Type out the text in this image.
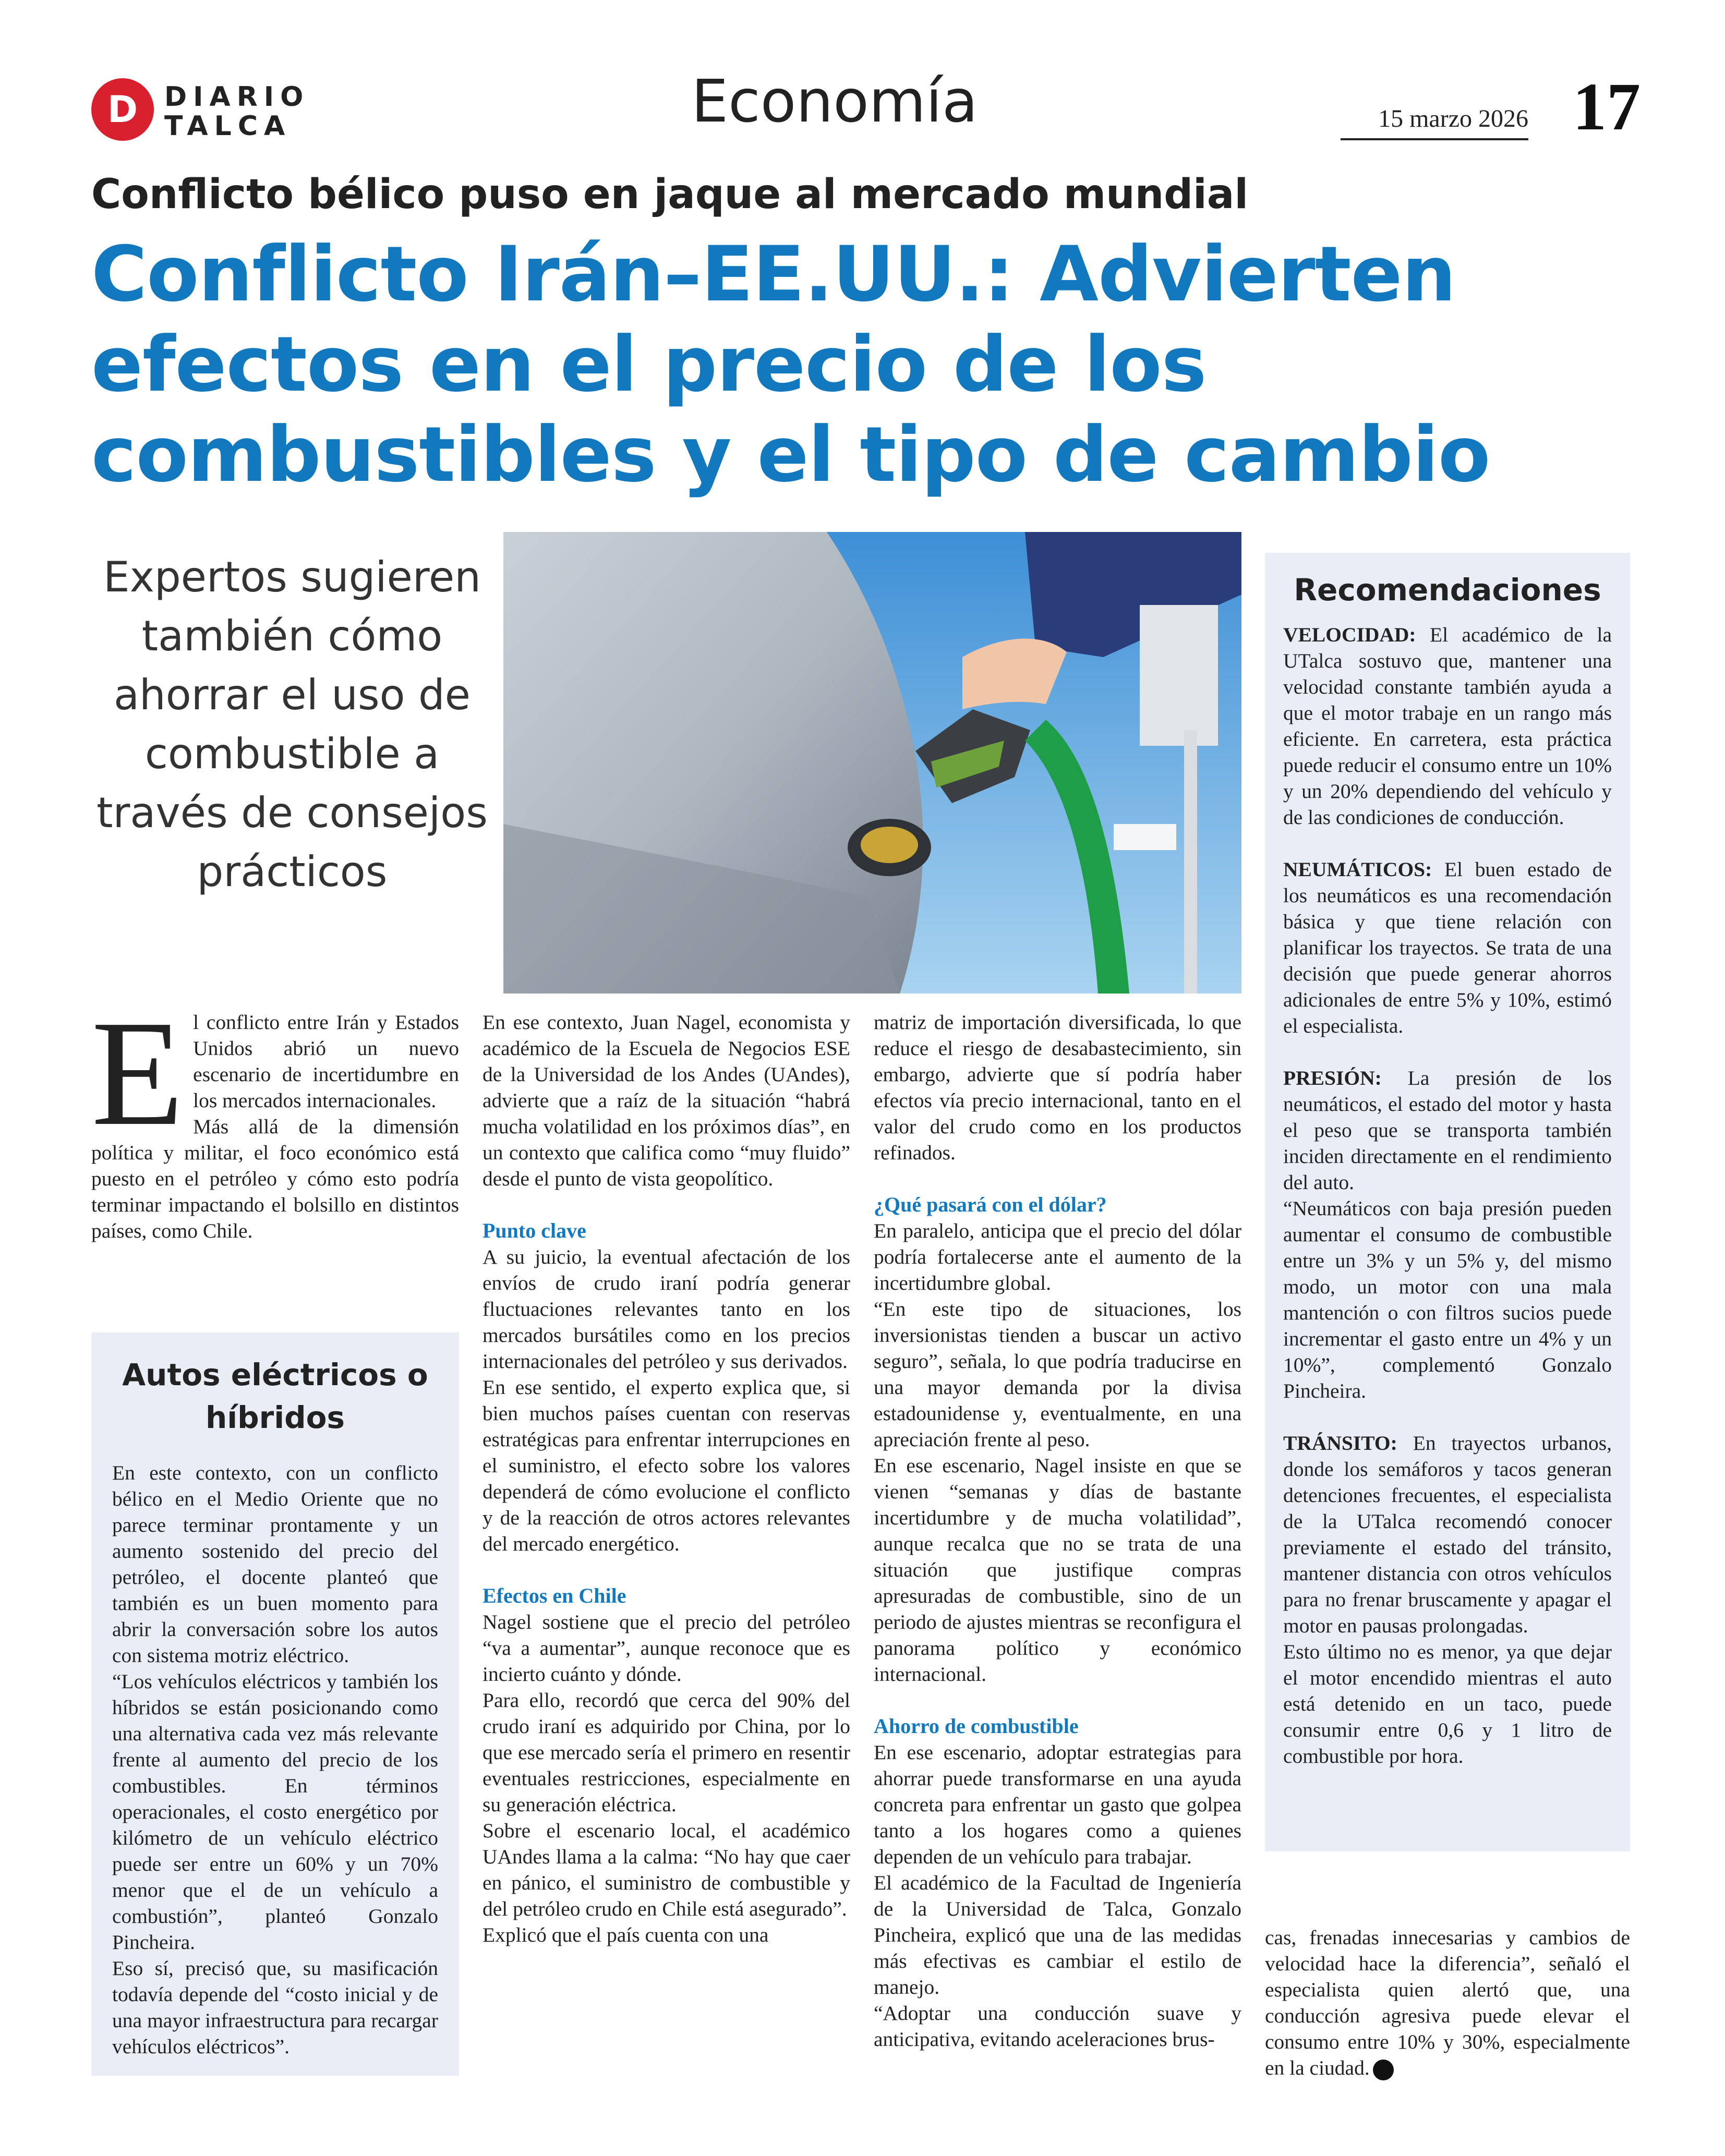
D DIARIO
TALCA	Economía	15 marzo 2026 17
Conflicto bélico puso en jaque al mercado mundial
Conflicto Irán–EE.UU.: Advierten efectos en el precio de los combustibles y el tipo de cambio
Expertos sugieren también cómo ahorrar el uso de combustible a través de consejos prácticos
E l conflicto entre Irán y Estados Unidos abrió un nuevo escenario de incertidumbre en los mercados internacionales.

Más allá de la dimensión política y militar, el foco económico está puesto en el petróleo y cómo esto podría terminar impactando el bolsillo en distintos países, como Chile.

Autos eléctricos o híbridos

En este contexto, con un conflicto bélico en el Medio Oriente que no parece terminar prontamente y un aumento sostenido del precio del petróleo, el docente planteó que también es un buen momento para abrir la conversación sobre los autos con sistema motriz eléctrico.

“Los vehículos eléctricos y también los híbridos se están posicionando como una alternativa cada vez más relevante frente al aumento del precio de los combustibles. En términos operacionales, el costo energético por kilómetro de un vehículo eléctrico puede ser entre un 60% y un 70% menor que el de un vehículo a combustión”, planteó Gonzalo Pincheira.

Eso sí, precisó que, su masificación todavía depende del “costo inicial y de una mayor infraestructura para recargar vehículos eléctricos”.

En ese contexto, Juan Nagel, economista y académico de la Escuela de Negocios ESE de la Universidad de los Andes (UAndes), advierte que a raíz de la situación “habrá mucha volatilidad en los próximos días”, en un contexto que califica como “muy fluido” desde el punto de vista geopolítico.

Punto clave

A su juicio, la eventual afectación de los envíos de crudo iraní podría generar fluctuaciones relevantes tanto en los mercados bursátiles como en los precios internacionales del petróleo y sus derivados.

En ese sentido, el experto explica que, si bien muchos países cuentan con reservas estratégicas para enfrentar interrupciones en el suministro, el efecto sobre los valores dependerá de cómo evolucione el conflicto y de la reacción de otros actores relevantes del mercado energético.

Efectos en Chile

Nagel sostiene que el precio del petróleo “va a aumentar”, aunque reconoce que es incierto cuánto y dónde.

Para ello, recordó que cerca del 90% del crudo iraní es adquirido por China, por lo que ese mercado sería el primero en resentir eventuales restricciones, especialmente en su generación eléctrica.

Sobre el escenario local, el académico UAndes llama a la calma: “No hay que caer en pánico, el suministro de combustible y del petróleo crudo en Chile está asegurado”.

Explicó que el país cuenta con una

matriz de importación diversificada, lo que reduce el riesgo de desabastecimiento, sin embargo, advierte que sí podría haber efectos vía precio internacional, tanto en el valor del crudo como en los productos refinados.

¿Qué pasará con el dólar?

En paralelo, anticipa que el precio del dólar podría fortalecerse ante el aumento de la incertidumbre global.

“En este tipo de situaciones, los inversionistas tienden a buscar un activo seguro”, señala, lo que podría traducirse en una mayor demanda por la divisa estadounidense y, eventualmente, en una apreciación frente al peso.

En ese escenario, Nagel insiste en que se vienen “semanas y días de bastante incertidumbre y de mucha volatilidad”, aunque recalca que no se trata de una situación que justifique compras apresuradas de combustible, sino de un periodo de ajustes mientras se reconfigura el panorama político y económico internacional.

Ahorro de combustible

En ese escenario, adoptar estrategias para ahorrar puede transformarse en una ayuda concreta para enfrentar un gasto que golpea tanto a los hogares como a quienes dependen de un vehículo para trabajar.

El académico de la Facultad de Ingeniería de la Universidad de Talca, Gonzalo Pincheira, explicó que una de las medidas más efectivas es cambiar el estilo de manejo.

“Adoptar una conducción suave y anticipativa, evitando aceleraciones brus-

Recomendaciones

VELOCIDAD: El académico de la UTalca sostuvo que, mantener una velocidad constante también ayuda a que el motor trabaje en un rango más eficiente. En carretera, esta práctica puede reducir el consumo entre un 10% y un 20% dependiendo del vehículo y de las condiciones de conducción.

NEUMÁTICOS: El buen estado de los neumáticos es una recomendación básica y que tiene relación con planificar los trayectos. Se trata de una decisión que puede generar ahorros adicionales de entre 5% y 10%, estimó el especialista.

PRESIÓN: La presión de los neumáticos, el estado del motor y hasta el peso que se transporta también inciden directamente en el rendimiento del auto.

“Neumáticos con baja presión pueden aumentar el consumo de combustible entre un 3% y un 5% y, del mismo modo, un motor con una mala mantención o con filtros sucios puede incrementar el gasto entre un 4% y un 10%”, complementó Gonzalo Pincheira.

TRÁNSITO: En trayectos urbanos, donde los semáforos y tacos generan detenciones frecuentes, el especialista de la UTalca recomendó conocer previamente el estado del tránsito, mantener distancia con otros vehículos para no frenar bruscamente y apagar el motor en pausas prolongadas.

Esto último no es menor, ya que dejar el motor encendido mientras el auto está detenido en un taco, puede consumir entre 0,6 y 1 litro de combustible por hora.

cas, frenadas innecesarias y cambios de velocidad hace la diferencia”, señaló el especialista quien alertó que, una conducción agresiva puede elevar el consumo entre 10% y 30%, especialmente en la ciudad.
